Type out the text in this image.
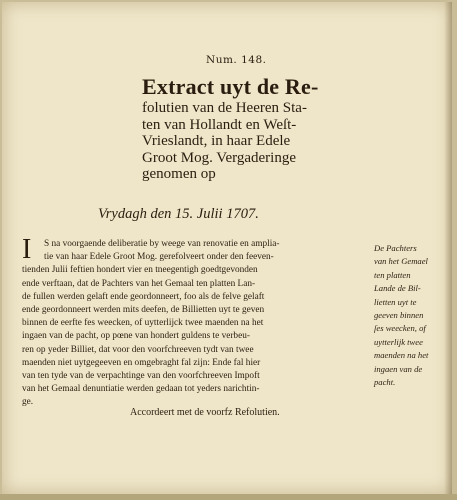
Num. 148.
Extract uyt de Re-
folutien van de Heeren Sta-
ten van Hollandt en Weſt-
Vrieslandt, in haar Edele
Groot Mog. Vergaderinge
genomen op
Vrydagh den 15. Julii 1707.
I	S na voorgaende deliberatie by weege van renovatie en amplia-
tie van haar Edele Groot Mog. gerefolveert onder den feeven-
tienden Julii feftien hondert vier en tneegentigh goedtgevonden
ende verftaan, dat de Pachters van het Gemaal ten platten Lan-
de fullen werden gelaft ende geordonneert, foo als de felve gelaft
ende geordonneert werden mits deefen, de Billietten uyt te geven
binnen de eerfte fes weecken, of uytterlijck twee maenden na het
ingaen van de pacht, op pœne van hondert guldens te verbeu-
ren op yeder Billiet, dat voor den voorfchreeven tydt van twee
maenden niet uytgegeeven en omgebraght fal zijn: Ende fal hier
van ten tyde van de verpachtinge van den voorfchreeven Impoft
van het Gemaal denuntiatie werden gedaan tot yeders narichtin-
ge.
De Pachters
van het Gemael
ten platten
Lande de Bil-
lietten uyt te
geeven binnen
ſes weecken, of
uytterlijk twee
maenden na het
ingaen van de
pacht.
Accordeert met de voorfz Refolutien.
